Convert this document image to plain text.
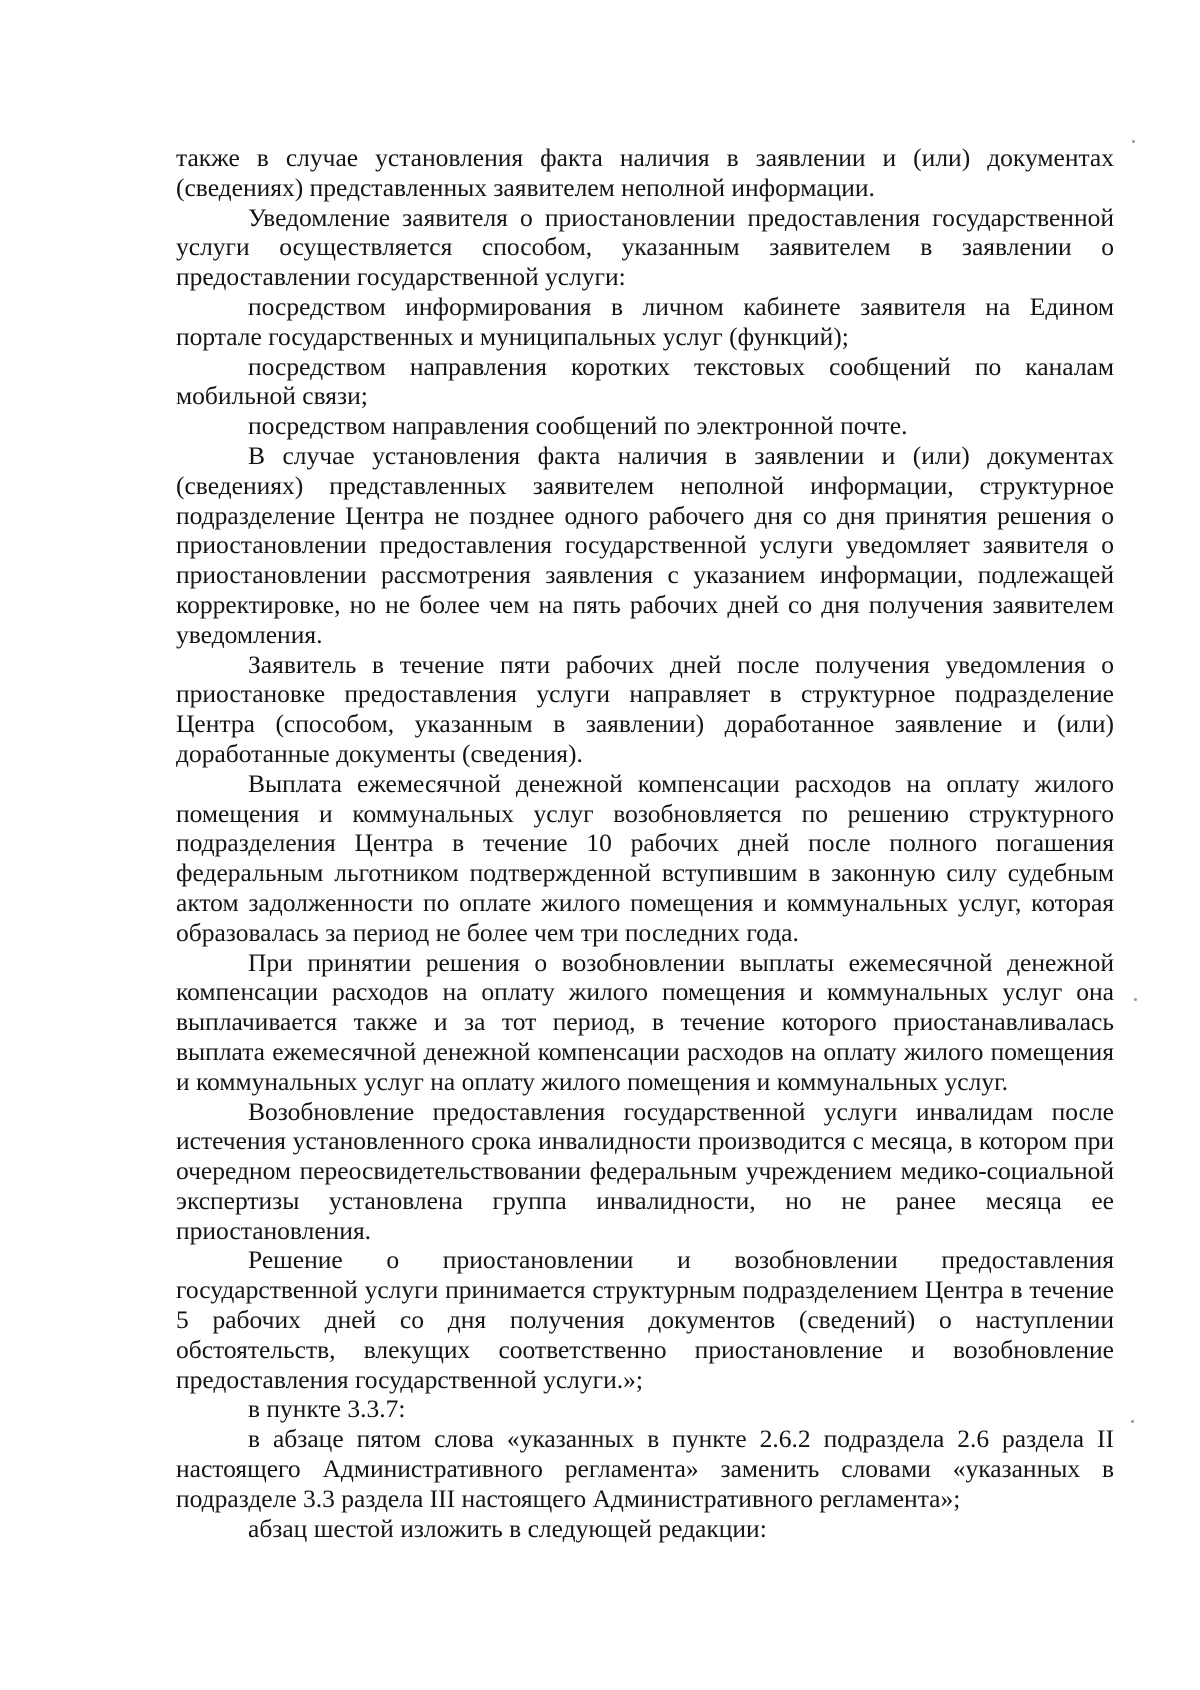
также в случае установления факта наличия в заявлении и (или) документах (сведениях) представленных заявителем неполной информации.

Уведомление заявителя о приостановлении предоставления государственной услуги осуществляется способом, указанным заявителем в заявлении о предоставлении государственной услуги:

посредством информирования в личном кабинете заявителя на Едином портале государственных и муниципальных услуг (функций);

посредством направления коротких текстовых сообщений по каналам мобильной связи;

посредством направления сообщений по электронной почте.

В случае установления факта наличия в заявлении и (или) документах (сведениях) представленных заявителем неполной информации, структурное подразделение Центра не позднее одного рабочего дня со дня принятия решения о приостановлении предоставления государственной услуги уведомляет заявителя о приостановлении рассмотрения заявления с указанием информации, подлежащей корректировке, но не более чем на пять рабочих дней со дня получения заявителем уведомления.

Заявитель в течение пяти рабочих дней после получения уведомления о приостановке предоставления услуги направляет в структурное подразделение Центра (способом, указанным в заявлении) доработанное заявление и (или) доработанные документы (сведения).

Выплата ежемесячной денежной компенсации расходов на оплату жилого помещения и коммунальных услуг возобновляется по решению структурного подразделения Центра в течение 10 рабочих дней после полного погашения федеральным льготником подтвержденной вступившим в законную силу судебным актом задолженности по оплате жилого помещения и коммунальных услуг, которая образовалась за период не более чем три последних года.

При принятии решения о возобновлении выплаты ежемесячной денежной компенсации расходов на оплату жилого помещения и коммунальных услуг она выплачивается также и за тот период, в течение которого приостанавливалась выплата ежемесячной денежной компенсации расходов на оплату жилого помещения и коммунальных услуг на оплату жилого помещения и коммунальных услуг.

Возобновление предоставления государственной услуги инвалидам после истечения установленного срока инвалидности производится с месяца, в котором при очередном переосвидетельствовании федеральным учреждением медико-социальной экспертизы установлена группа инвалидности, но не ранее месяца ее приостановления.

Решение о приостановлении и возобновлении предоставления государственной услуги принимается структурным подразделением Центра в течение 5 рабочих дней со дня получения документов (сведений) о наступлении обстоятельств, влекущих соответственно приостановление и возобновление предоставления государственной услуги.»;

в пункте 3.3.7:

в абзаце пятом слова «указанных в пункте 2.6.2 подраздела 2.6 раздела II настоящего Административного регламента» заменить словами «указанных в подразделе 3.3 раздела III настоящего Административного регламента»;

абзац шестой изложить в следующей редакции:
